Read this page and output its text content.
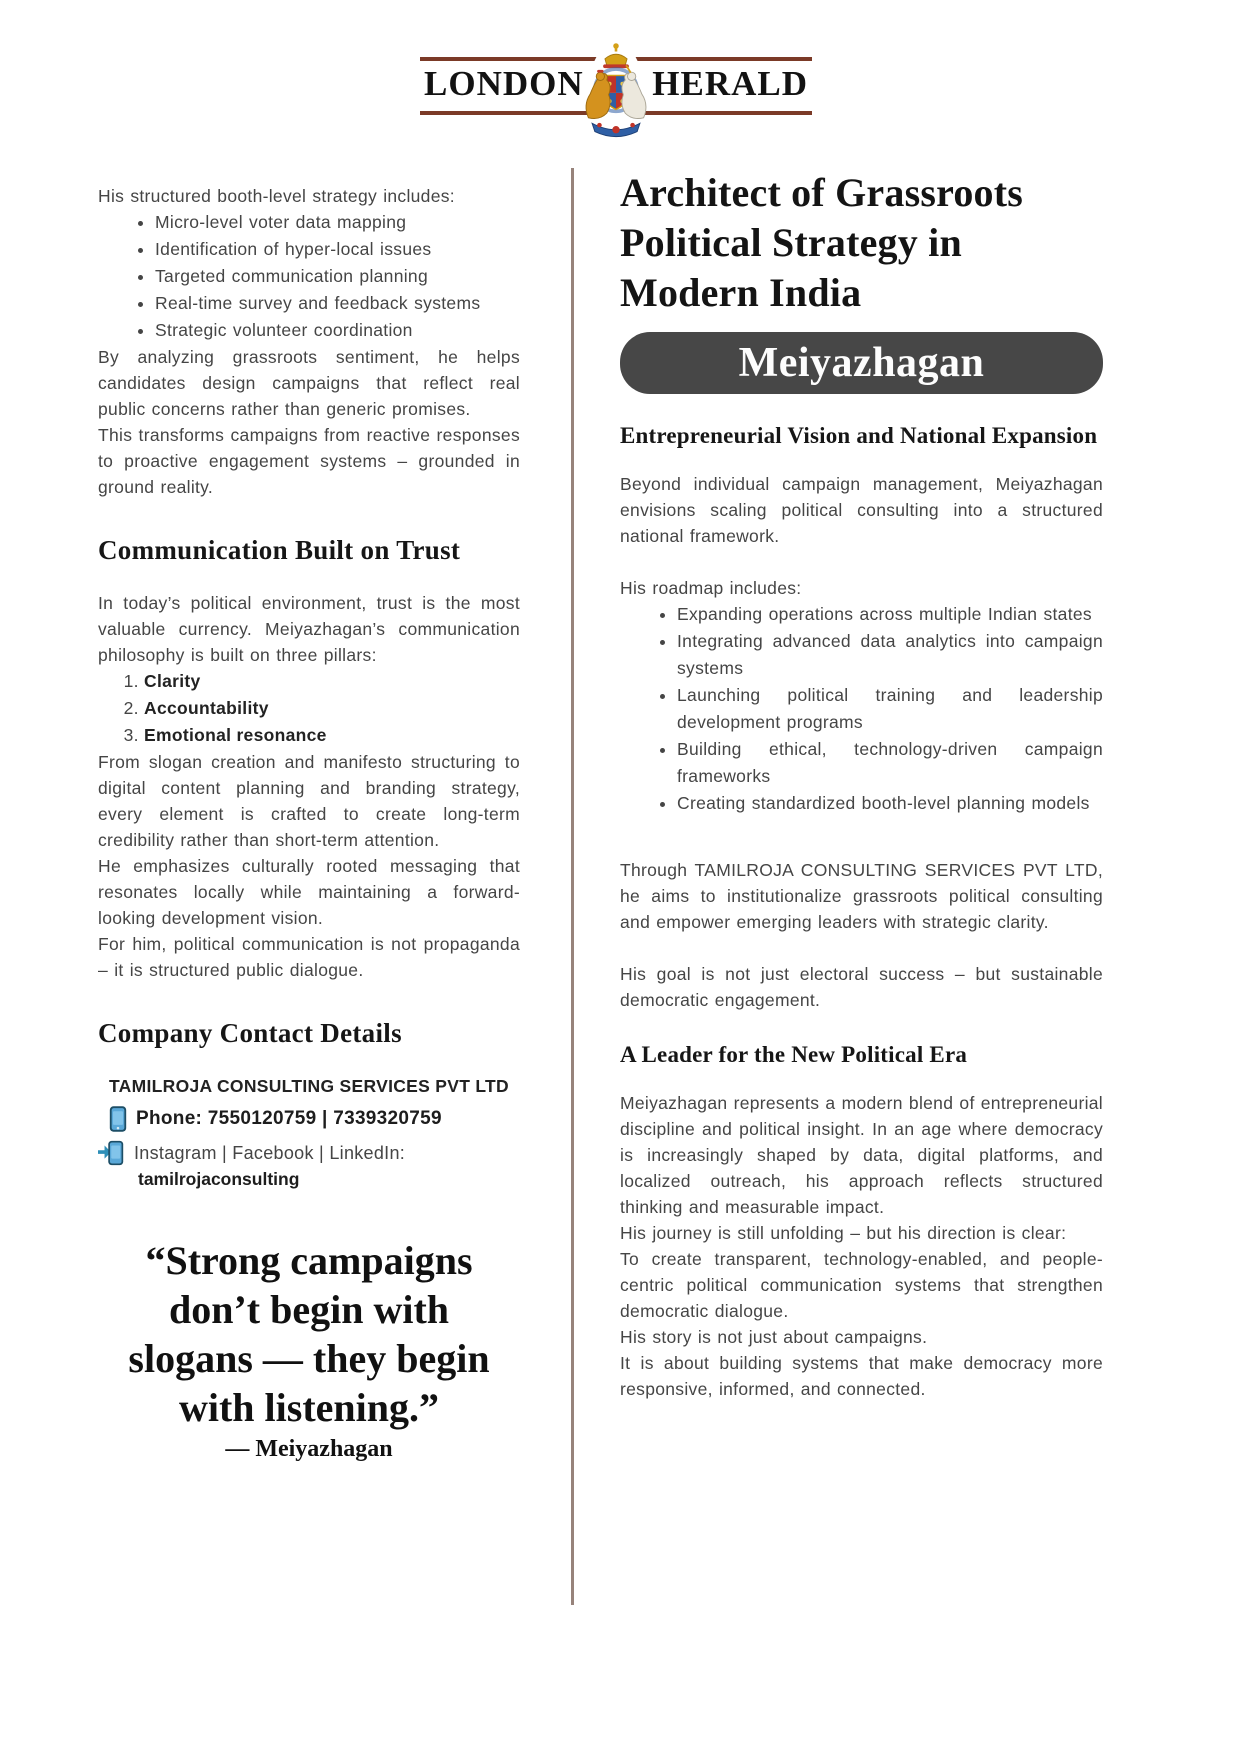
LONDON HERALD

His structured booth-level strategy includes:

• Micro-level voter data mapping
• Identification of hyper-local issues
• Targeted communication planning
• Real-time survey and feedback systems
• Strategic volunteer coordination

By analyzing grassroots sentiment, he helps candidates design campaigns that reflect real public concerns rather than generic promises.

This transforms campaigns from reactive responses to proactive engagement systems – grounded in ground reality.

Communication Built on Trust

In today’s political environment, trust is the most valuable currency. Meiyazhagan’s communication philosophy is built on three pillars:

1. Clarity
2. Accountability
3. Emotional resonance

From slogan creation and manifesto structuring to digital content planning and branding strategy, every element is crafted to create long-term credibility rather than short-term attention.

He emphasizes culturally rooted messaging that resonates locally while maintaining a forward-looking development vision.

For him, political communication is not propaganda – it is structured public dialogue.

Company Contact Details
TAMILROJA CONSULTING SERVICES PVT LTD
Phone: 7550120759 | 7339320759
Instagram | Facebook | LinkedIn:
tamilrojaconsulting
“Strong campaigns don’t begin with slogans — they begin with listening.”
— Meiyazhagan
Architect of Grassroots Political Strategy in Modern India
Meiyazhagan
Entrepreneurial Vision and National Expansion

Beyond individual campaign management, Meiyazhagan envisions scaling political consulting into a structured national framework.

His roadmap includes:

• Expanding operations across multiple Indian states
• Integrating advanced data analytics into campaign systems
• Launching political training and leadership development programs
• Building ethical, technology-driven campaign frameworks
• Creating standardized booth-level planning models

Through TAMILROJA CONSULTING SERVICES PVT LTD, he aims to institutionalize grassroots political consulting and empower emerging leaders with strategic clarity.

His goal is not just electoral success – but sustainable democratic engagement.

A Leader for the New Political Era

Meiyazhagan represents a modern blend of entrepreneurial discipline and political insight. In an age where democracy is increasingly shaped by data, digital platforms, and localized outreach, his approach reflects structured thinking and measurable impact.

His journey is still unfolding – but his direction is clear:

To create transparent, technology-enabled, and people-centric political communication systems that strengthen democratic dialogue.

His story is not just about campaigns.

It is about building systems that make democracy more responsive, informed, and connected.
